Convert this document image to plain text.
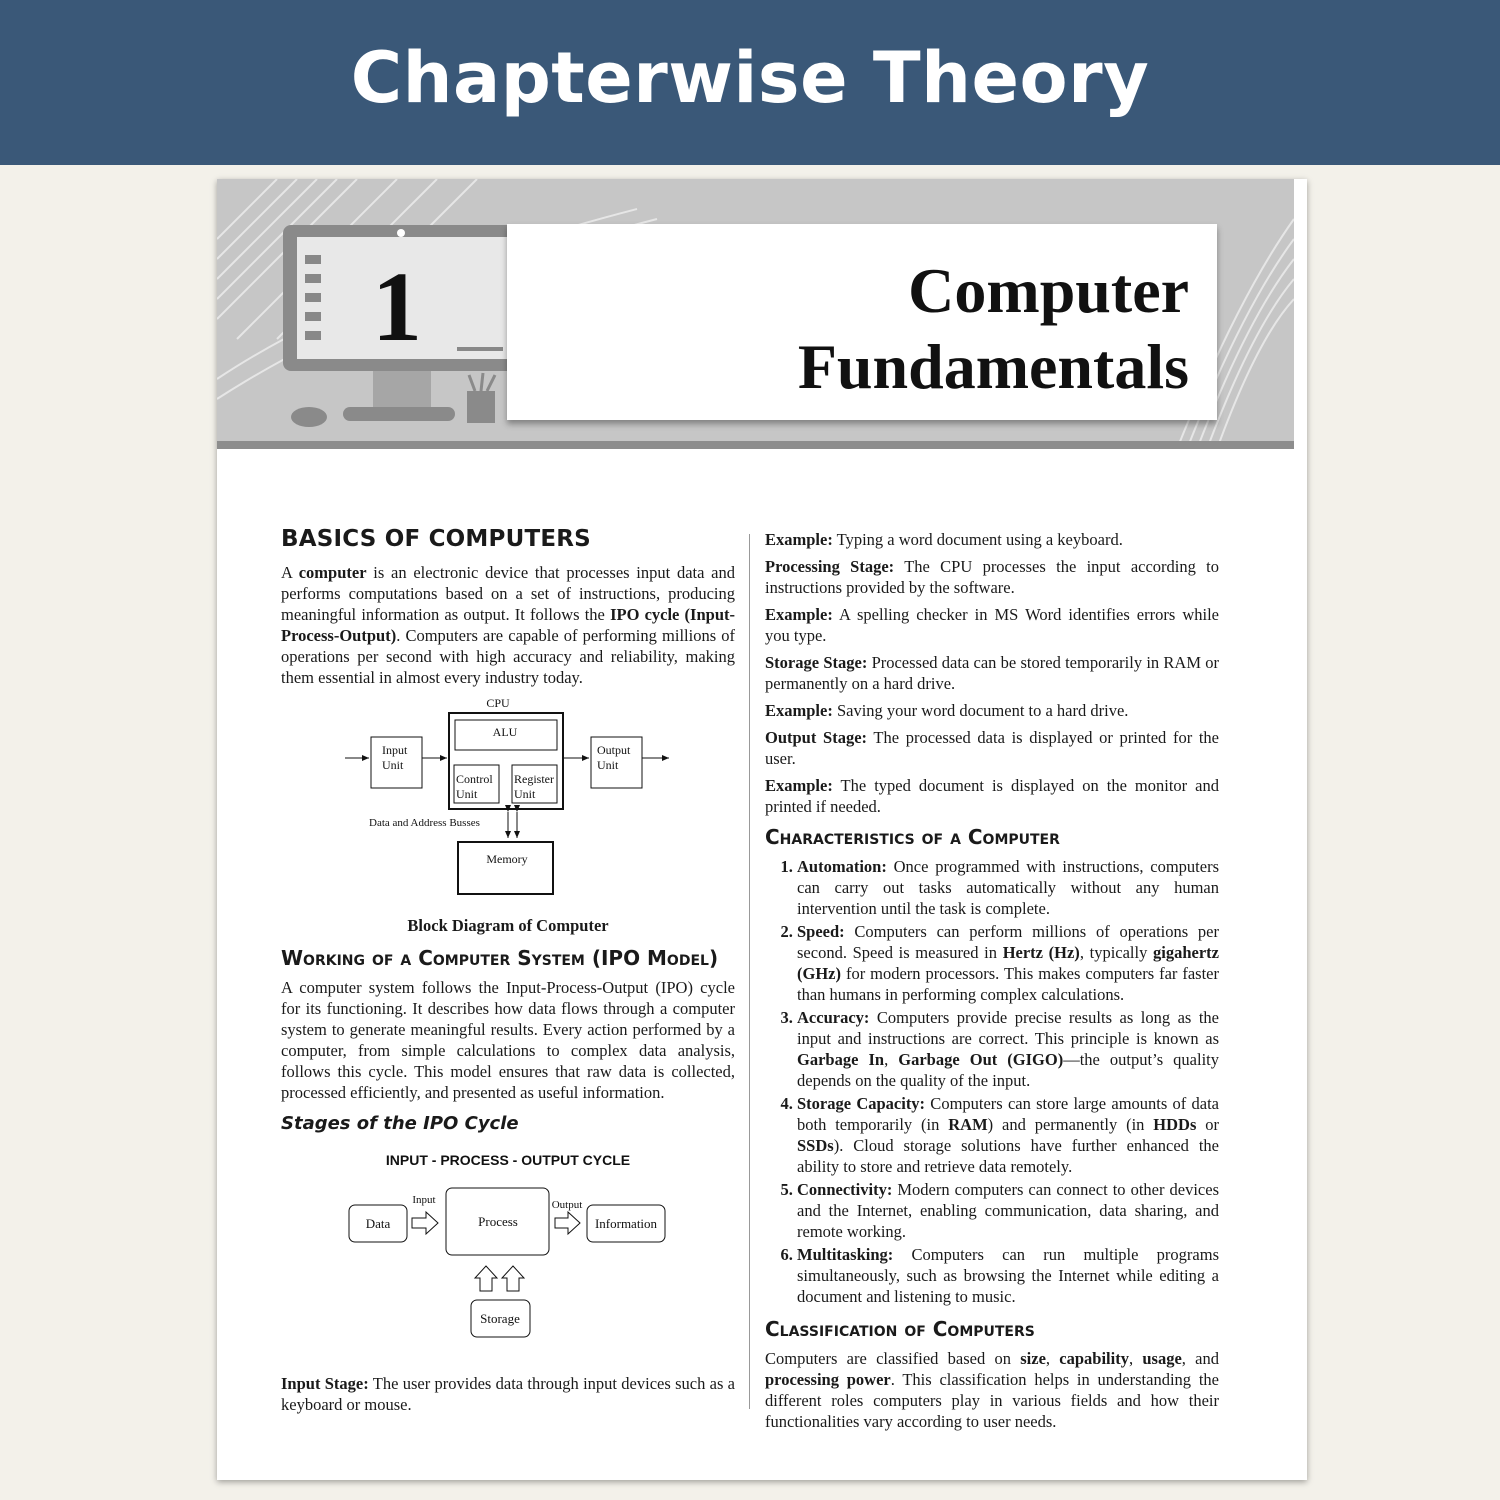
Chapterwise Theory
1	Computer
Fundamentals
BASICS OF COMPUTERS

A computer is an electronic device that processes input data and performs computations based on a set of instructions, producing meaningful information as output. It follows the IPO cycle (Input-Process-Output). Computers are capable of performing millions of operations per second with high accuracy and reliability, making them essential in almost every industry today.

CPU
ALU
Control
Unit
Register
Unit
Input
Unit
Output
Unit
Data and Address Busses
Memory
Block Diagram of Computer
Working of a Computer System (IPO Model)

A computer system follows the Input-Process-Output (IPO) cycle for its functioning. It describes how data flows through a computer system to generate meaningful results. Every action performed by a computer, from simple calculations to complex data analysis, follows this cycle. This model ensures that raw data is collected, processed efficiently, and presented as useful information.

Stages of the IPO Cycle
INPUT - PROCESS - OUTPUT CYCLE
Data
Input
Process
Output
Information
Storage

Input Stage: The user provides data through input devices such as a keyboard or mouse.

Example: Typing a word document using a keyboard.

Processing Stage: The CPU processes the input according to instructions provided by the software.

Example: A spelling checker in MS Word identifies errors while you type.

Storage Stage: Processed data can be stored temporarily in RAM or permanently on a hard drive.

Example: Saving your word document to a hard drive.

Output Stage: The processed data is displayed or printed for the user.

Example: The typed document is displayed on the monitor and printed if needed.

Characteristics of a Computer
1. Automation: Once programmed with instructions, computers can carry out tasks automatically without any human intervention until the task is complete.
2. Speed: Computers can perform millions of operations per second. Speed is measured in Hertz (Hz), typically gigahertz (GHz) for modern processors. This makes computers far faster than humans in performing complex calculations.
3. Accuracy: Computers provide precise results as long as the input and instructions are correct. This principle is known as Garbage In, Garbage Out (GIGO)—the output’s quality depends on the quality of the input.
4. Storage Capacity: Computers can store large amounts of data both temporarily (in RAM) and permanently (in HDDs or SSDs). Cloud storage solutions have further enhanced the ability to store and retrieve data remotely.
5. Connectivity: Modern computers can connect to other devices and the Internet, enabling communication, data sharing, and remote working.
6. Multitasking: Computers can run multiple programs simultaneously, such as browsing the Internet while editing a document and listening to music.
Classification of Computers

Computers are classified based on size, capability, usage, and processing power. This classification helps in understanding the different roles computers play in various fields and how their functionalities vary according to user needs.
